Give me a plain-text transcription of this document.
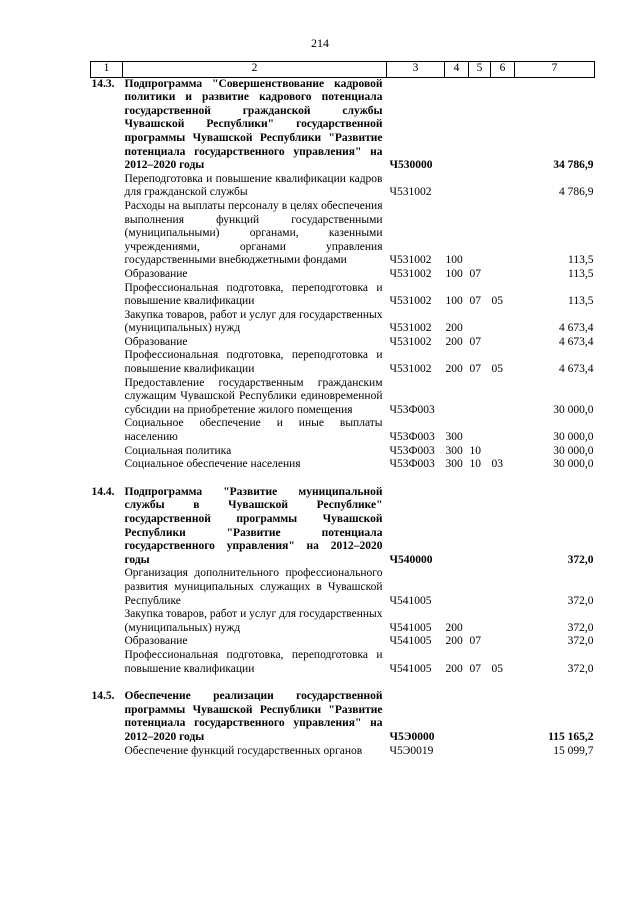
214
1	2	3	4	5	6	7
14.3.	Подпрограмма "Совершенствование кадровой политики и развитие кадрового потенциала государственной гражданской службы Чувашской Республики" государственной программы Чувашской Республики "Развитие потенциала государственного управления" на 2012–2020 годы	Ч530000				34 786,9
	Переподготовка и повышение квалификации кадров для гражданской службы	Ч531002				4 786,9
	Расходы на выплаты персоналу в целях обеспечения выполнения функций государственными (муниципальными) органами, казенными учреждениями, органами управления государственными внебюджетными фондами	Ч531002	100			113,5
	Образование	Ч531002	100	07		113,5
	Профессиональная подготовка, переподготовка и повышение квалификации	Ч531002	100	07	05	113,5
	Закупка товаров, работ и услуг для государственных (муниципальных) нужд	Ч531002	200			4 673,4
	Образование	Ч531002	200	07		4 673,4
	Профессиональная подготовка, переподготовка и повышение квалификации	Ч531002	200	07	05	4 673,4
	Предоставление государственным гражданским служащим Чувашской Республики единовременной субсидии на приобретение жилого помещения	Ч53Ф003				30 000,0
	Социальное обеспечение и иные выплаты населению	Ч53Ф003	300			30 000,0
	Социальная политика	Ч53Ф003	300	10		30 000,0
	Социальное обеспечение населения	Ч53Ф003	300	10	03	30 000,0

14.4.	Подпрограмма "Развитие муниципальной службы в Чувашской Республике" государственной программы Чувашской Республики "Развитие потенциала государственного управления" на 2012–2020 годы	Ч540000				372,0
	Организация дополнительного профессионального развития муниципальных служащих в Чувашской Республике	Ч541005				372,0
	Закупка товаров, работ и услуг для государственных (муниципальных) нужд	Ч541005	200			372,0
	Образование	Ч541005	200	07		372,0
	Профессиональная подготовка, переподготовка и повышение квалификации	Ч541005	200	07	05	372,0

14.5.	Обеспечение реализации государственной программы Чувашской Республики "Развитие потенциала государственного управления" на 2012–2020 годы	Ч5Э0000				115 165,2
	Обеспечение функций государственных органов	Ч5Э0019				15 099,7
